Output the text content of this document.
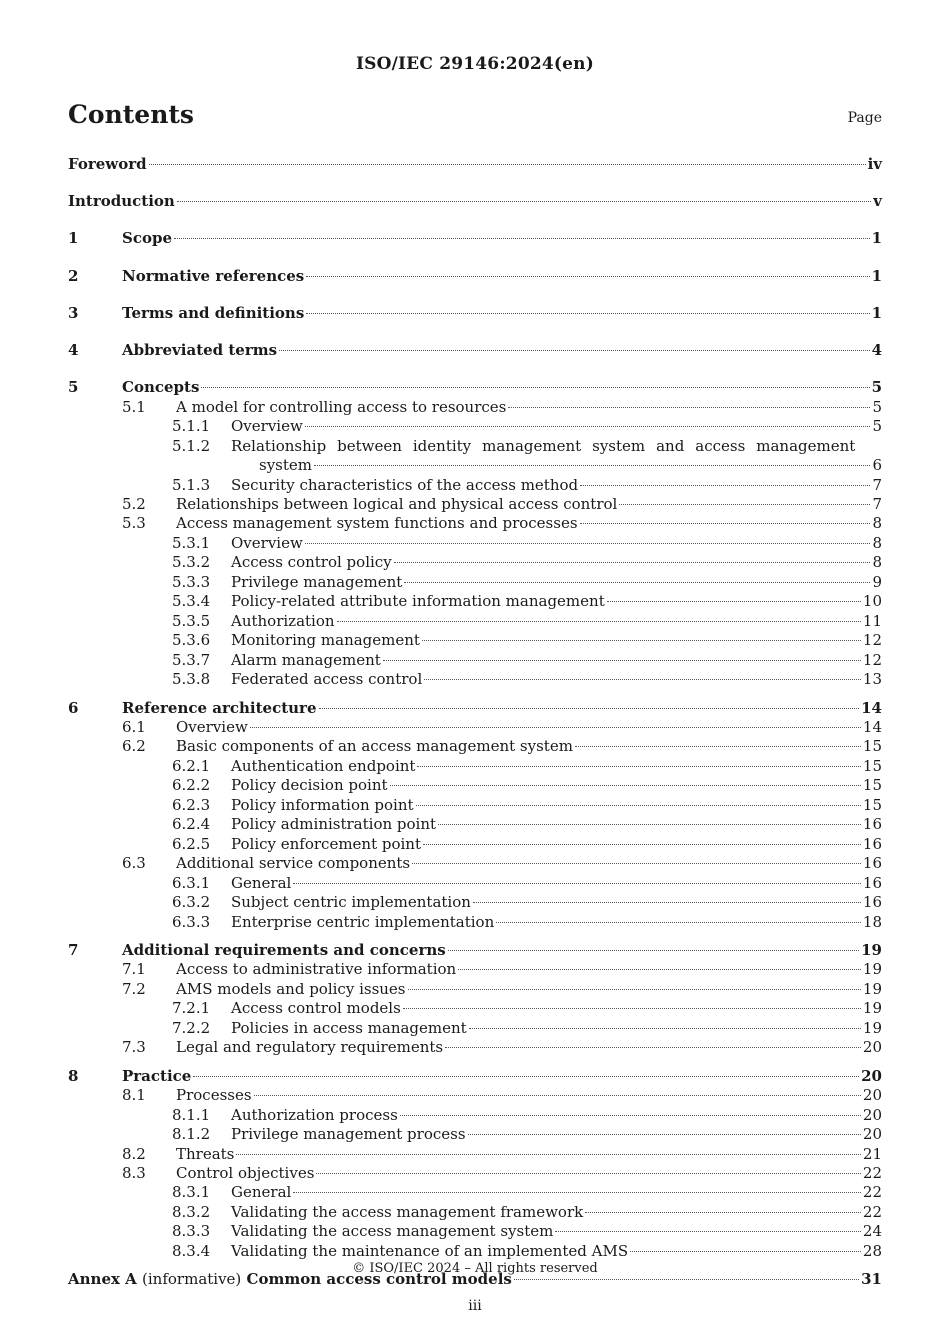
ISO/IEC 29146:2024(en)
Contents	Page
Foreword	iv
Introduction	v
1	Scope	1
2	Normative references	1
3	Terms and definitions	1
4	Abbreviated terms	4
5	Concepts	5
5.1 A model for controlling access to resources	5
5.1.1 Overview	5
5.1.2 Relationship between identity management system and access management
system	6
5.1.3 Security characteristics of the access method	7
5.2 Relationships between logical and physical access control	7
5.3 Access management system functions and processes	8
5.3.1 Overview	8
5.3.2 Access control policy	8
5.3.3 Privilege management	9
5.3.4 Policy-related attribute information management	10
5.3.5 Authorization	11
5.3.6 Monitoring management	12
5.3.7 Alarm management	12
5.3.8 Federated access control	13
6	Reference architecture	14
6.1 Overview	14
6.2 Basic components of an access management system	15
6.2.1 Authentication endpoint	15
6.2.2 Policy decision point	15
6.2.3 Policy information point	15
6.2.4 Policy administration point	16
6.2.5 Policy enforcement point	16
6.3 Additional service components	16
6.3.1 General	16
6.3.2 Subject centric implementation	16
6.3.3 Enterprise centric implementation	18
7	Additional requirements and concerns	19
7.1 Access to administrative information	19
7.2 AMS models and policy issues	19
7.2.1 Access control models	19
7.2.2 Policies in access management	19
7.3 Legal and regulatory requirements	20
8	Practice	20
8.1 Processes	20
8.1.1 Authorization process	20
8.1.2 Privilege management process	20
8.2 Threats	21
8.3 Control objectives	22
8.3.1 General	22
8.3.2 Validating the access management framework	22
8.3.3 Validating the access management system	24
8.3.4 Validating the maintenance of an implemented AMS	28
Annex A (informative) Common access control models	31
© ISO/IEC 2024 – All rights reserved
iii
